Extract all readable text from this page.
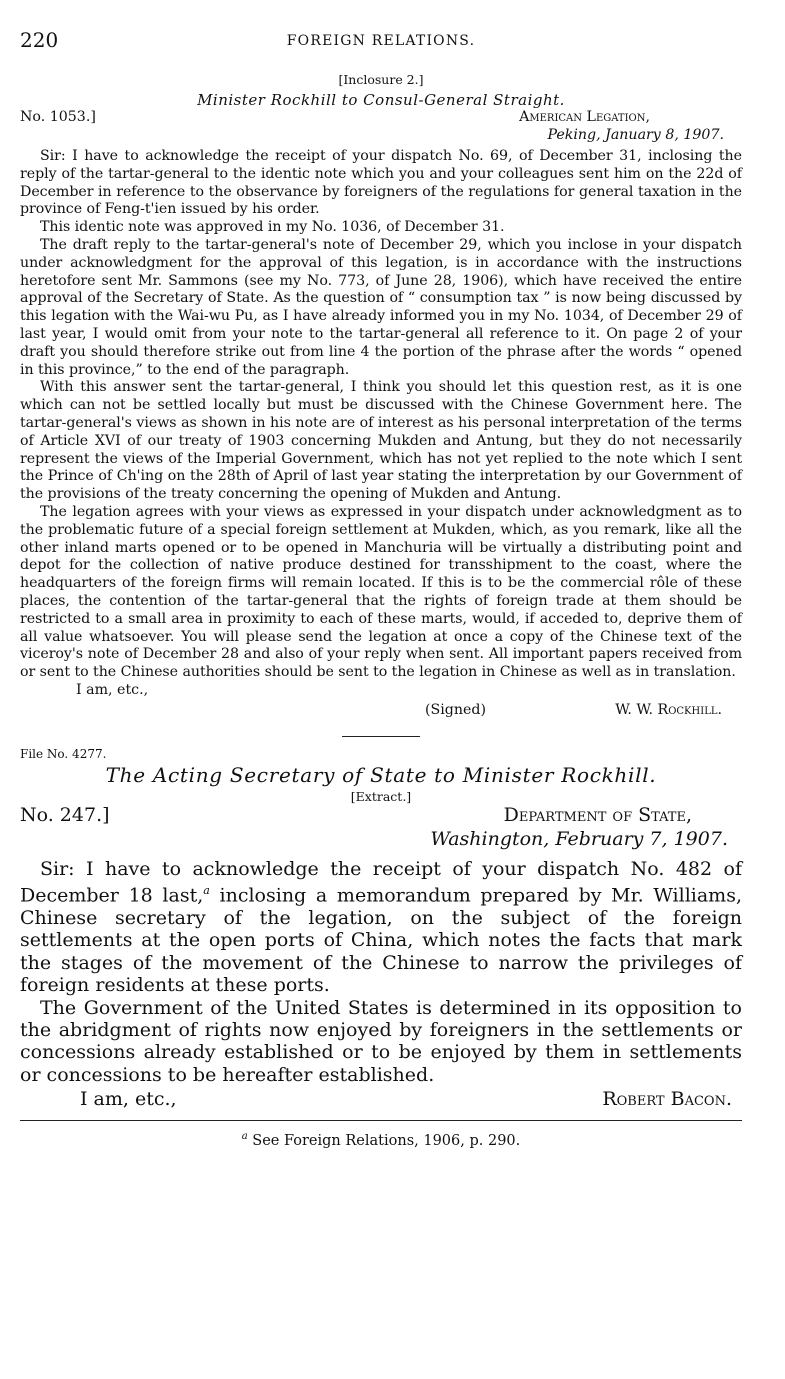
220	FOREIGN RELATIONS.
[Inclosure 2.]
Minister Rockhill to Consul-General Straight.
No. 1053.]	American Legation,
Peking, January 8, 1907.

Sir: I have to acknowledge the receipt of your dispatch No. 69, of December 31, inclosing the reply of the tartar-general to the identic note which you and your colleagues sent him on the 22d of December in reference to the observance by foreigners of the regulations for general taxation in the province of Feng-t'ien issued by his order.

This identic note was approved in my No. 1036, of December 31.

The draft reply to the tartar-general's note of December 29, which you inclose in your dispatch under acknowledgment for the approval of this legation, is in accordance with the instructions heretofore sent Mr. Sammons (see my No. 773, of June 28, 1906), which have received the entire approval of the Secretary of State. As the question of “ consumption tax ” is now being discussed by this legation with the Wai-wu Pu, as I have already informed you in my No. 1034, of December 29 of last year, I would omit from your note to the tartar-general all reference to it. On page 2 of your draft you should therefore strike out from line 4 the portion of the phrase after the words “ opened in this province,” to the end of the paragraph.

With this answer sent the tartar-general, I think you should let this question rest, as it is one which can not be settled locally but must be discussed with the Chinese Government here. The tartar-general's views as shown in his note are of interest as his personal interpretation of the terms of Article XVI of our treaty of 1903 concerning Mukden and Antung, but they do not necessarily represent the views of the Imperial Government, which has not yet replied to the note which I sent the Prince of Ch'ing on the 28th of April of last year stating the interpretation by our Government of the provisions of the treaty concerning the opening of Mukden and Antung.

The legation agrees with your views as expressed in your dispatch under acknowledgment as to the problematic future of a special foreign settlement at Mukden, which, as you remark, like all the other inland marts opened or to be opened in Manchuria will be virtually a distributing point and depot for the collection of native produce destined for transshipment to the coast, where the headquarters of the foreign firms will remain located. If this is to be the commercial rôle of these places, the contention of the tartar-general that the rights of foreign trade at them should be restricted to a small area in proximity to each of these marts, would, if acceded to, deprive them of all value whatsoever. You will please send the legation at once a copy of the Chinese text of the viceroy's note of December 28 and also of your reply when sent. All important papers received from or sent to the Chinese authorities should be sent to the legation in Chinese as well as in translation.

I am, etc.,
(Signed)	W. W. Rockhill.
File No. 4277.
The Acting Secretary of State to Minister Rockhill.
[Extract.]
No. 247.]	Department of State,
Washington, February 7, 1907.

Sir: I have to acknowledge the receipt of your dispatch No. 482 of December 18 last,$^a$ inclosing a memorandum prepared by Mr. Williams, Chinese secretary of the legation, on the subject of the foreign settlements at the open ports of China, which notes the facts that mark the stages of the movement of the Chinese to narrow the privileges of foreign residents at these ports.

The Government of the United States is determined in its opposition to the abridgment of rights now enjoyed by foreigners in the settlements or concessions already established or to be enjoyed by them in settlements or concessions to be hereafter established.

I am, etc.,	Robert Bacon.
$^a$ See Foreign Relations, 1906, p. 290.
